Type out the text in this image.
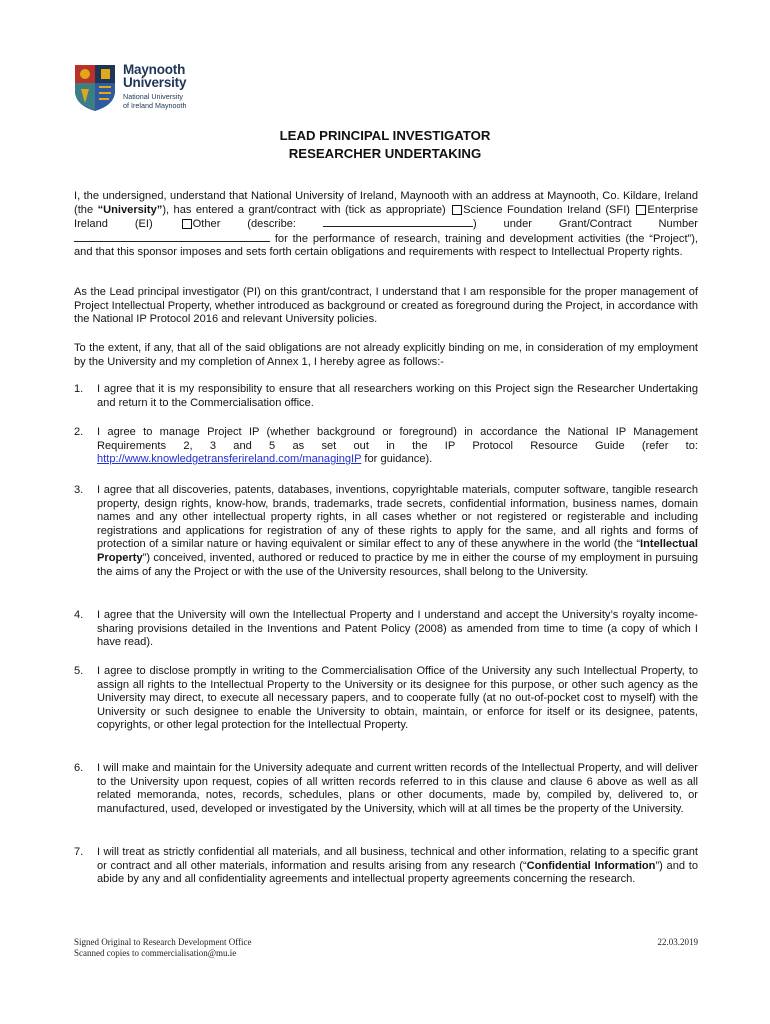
Maynooth
University
National University
of Ireland Maynooth
LEAD PRINCIPAL INVESTIGATOR
RESEARCHER UNDERTAKING
I, the undersigned, understand that National University of Ireland, Maynooth with an address at Maynooth, Co. Kildare, Ireland (the “University”), has entered a grant/contract with (tick as appropriate) Science Foundation Ireland (SFI) Enterprise Ireland (EI) Other (describe:	) under Grant/Contract Number  for the performance of research, training and development activities (the “Project”), and that this sponsor imposes and sets forth certain obligations and requirements with respect to Intellectual Property rights.
As the Lead principal investigator (PI) on this grant/contract, I understand that I am responsible for the proper management of Project Intellectual Property, whether introduced as background or created as foreground during the Project, in accordance with the National IP Protocol 2016 and relevant University policies.
To the extent, if any, that all of the said obligations are not already explicitly binding on me, in consideration of my employment by the University and my completion of Annex 1, I hereby agree as follows:-
1. I agree that it is my responsibility to ensure that all researchers working on this Project sign the Researcher Undertaking and return it to the Commercialisation office.
2. I agree to manage Project IP (whether background or foreground) in accordance the National IP Management Requirements 2, 3 and 5 as set out in the IP Protocol Resource Guide (refer to: http://www.knowledgetransferireland.com/managingIP for guidance).
3. I agree that all discoveries, patents, databases, inventions, copyrightable materials, computer software, tangible research property, design rights, know-how, brands, trademarks, trade secrets, confidential information, business names, domain names and any other intellectual property rights, in all cases whether or not registered or registerable and including registrations and applications for registration of any of these rights to apply for the same, and all rights and forms of protection of a similar nature or having equivalent or similar effect to any of these anywhere in the world (the “Intellectual Property”) conceived, invented, authored or reduced to practice by me in either the course of my employment in pursuing the aims of any the Project or with the use of the University resources, shall belong to the University.
4. I agree that the University will own the Intellectual Property and I understand and accept the University’s royalty income-sharing provisions detailed in the Inventions and Patent Policy (2008) as amended from time to time (a copy of which I have read).
5. I agree to disclose promptly in writing to the Commercialisation Office of the University any such Intellectual Property, to assign all rights to the Intellectual Property to the University or its designee for this purpose, or other such agency as the University may direct, to execute all necessary papers, and to cooperate fully (at no out-of-pocket cost to myself) with the University or such designee to enable the University to obtain, maintain, or enforce for itself or its designee, patents, copyrights, or other legal protection for the Intellectual Property.
6. I will make and maintain for the University adequate and current written records of the Intellectual Property, and will deliver to the University upon request, copies of all written records referred to in this clause and clause 6 above as well as all related memoranda, notes, records, schedules, plans or other documents, made by, compiled by, delivered to, or manufactured, used, developed or investigated by the University, which will at all times be the property of the University.
7. I will treat as strictly confidential all materials, and all business, technical and other information, relating to a specific grant or contract and all other materials, information and results arising from any research (“Confidential Information”) and to abide by any and all confidentiality agreements and intellectual property agreements concerning the research.
Signed Original to Research Development Office
Scanned copies to commercialisation@mu.ie
22.03.2019
